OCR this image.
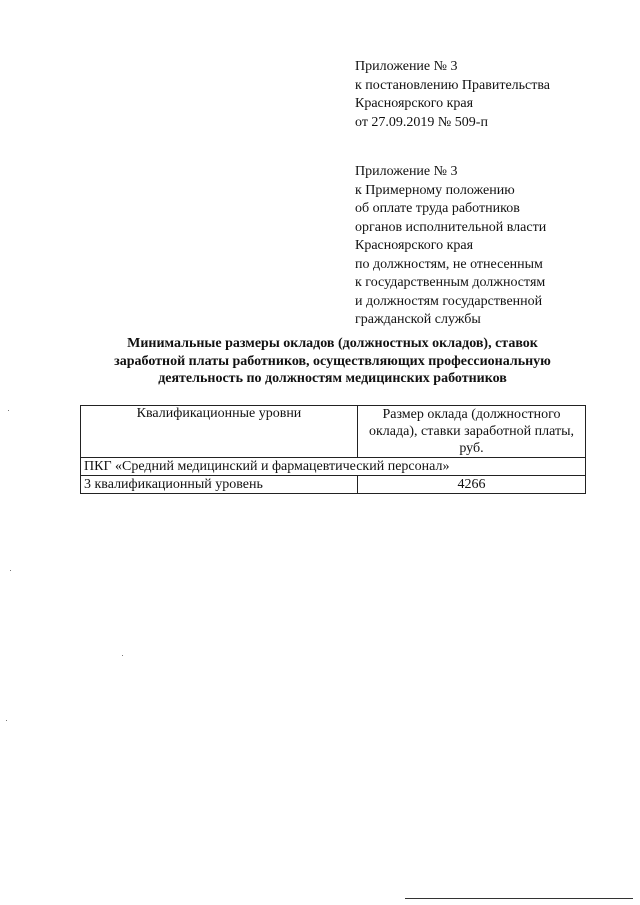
Приложение № 3
к постановлению Правительства
Красноярского края
от 27.09.2019 № 509-п
Приложение № 3
к Примерному положению
об оплате труда работников
органов исполнительной власти
Красноярского края
по должностям, не отнесенным
к государственным должностям
и должностям государственной
гражданской службы
Минимальные размеры окладов (должностных окладов), ставок
заработной платы работников, осуществляющих профессиональную
деятельность по должностям медицинских работников
Квалификационные уровни	Размер оклада (должностного
оклада), ставки заработной платы,
руб.

ПКГ «Средний медицинский и фармацевтический персонал»	
3 квалификационный уровень	4266
